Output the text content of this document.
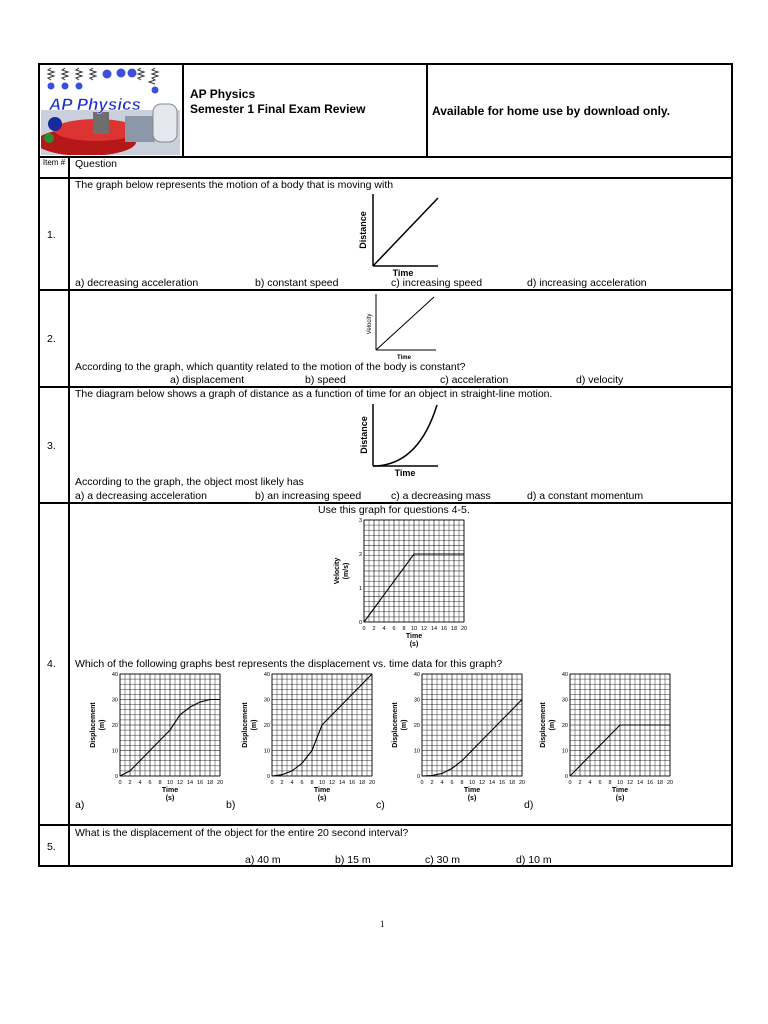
AP Physics
AP Physics
Semester 1 Final Exam Review	Available for home use by download only.
Item # Question
1.
The graph below represents the motion of a body that is moving with
Distance
Time
a) decreasing acceleration	b) constant speed	c) increasing speed	d) increasing acceleration
2.
Velocity
Time
According to the graph, which quantity related to the motion of the body is constant?
a) displacement	b) speed	c) acceleration	d) velocity
3.
The diagram below shows a graph of distance as a function of time for an object in straight-line motion.
Distance
Time
According to the graph, the object most likely has
a) a decreasing acceleration	b) an increasing speed	c) a decreasing mass	d) a constant momentum
4.
Use this graph for questions 4-5.
0 2 4 6 8 10 12 14 16 18 20
0
1
2
3
Time
(s)
Velocity (m/s)
Which of the following graphs best represents the displacement vs. time data for this graph?
0 2 4 6 8 10 12 14 16 18 20
0
10
20
30
40
Time
(s)
Displacement (m)
0 2 4 6 8 10 12 14 16 18 20
0
10
20
30
40
Time
(s)
Displacement (m)
0 2 4 6 8 10 12 14 16 18 20
0
10
20
30
40
Time
(s)
Displacement (m)
0 2 4 6 8 10 12 14 16 18 20
0
10
20
30
40
Time
(s)
Displacement (m)
a)	b)	c)	d)
5.
What is the displacement of the object for the entire 20 second interval?
a) 40 m	b) 15 m	c) 30 m	d) 10 m
1
